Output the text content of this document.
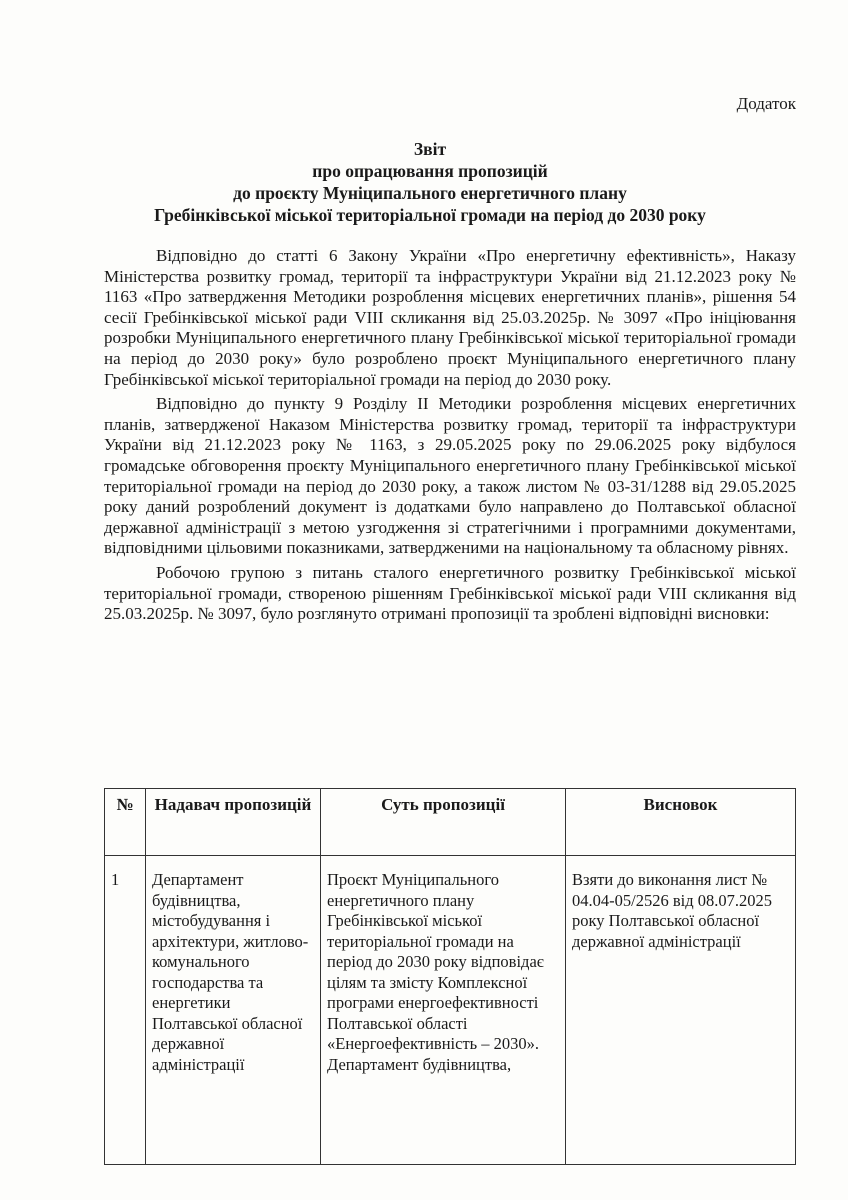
Додаток
Звіт
про опрацювання пропозицій
до проєкту Муніципального енергетичного плану
Гребінківської міської територіальної громади на період до 2030 року

Відповідно до статті 6 Закону України «Про енергетичну ефективність», Наказу Міністерства розвитку громад, території та інфраструктури України від 21.12.2023 року № 1163 «Про затвердження Методики розроблення місцевих енергетичних планів», рішення 54 сесії Гребінківської міської ради VIII скликання від 25.03.2025р. № 3097 «Про ініціювання розробки Муніципального енергетичного плану Гребінківської міської територіальної громади на період до 2030 року» було розроблено проєкт Муніципального енергетичного плану Гребінківської міської територіальної громади на період до 2030 року.

Відповідно до пункту 9 Розділу ІІ Методики розроблення місцевих енергетичних планів, затвердженої Наказом Міністерства розвитку громад, території та інфраструктури України від 21.12.2023 року № 1163, з 29.05.2025 року по 29.06.2025 року відбулося громадське обговорення проєкту Муніципального енергетичного плану Гребінківської міської територіальної громади на період до 2030 року, а також листом № 03-31/1288 від 29.05.2025 року даний розроблений документ із додатками було направлено до Полтавської обласної державної адміністрації з метою узгодження зі стратегічними і програмними документами, відповідними цільовими показниками, затвердженими на національному та обласному рівнях.

Робочою групою з питань сталого енергетичного розвитку Гребінківської міської територіальної громади, створеною рішенням Гребінківської міської ради VIII скликання від 25.03.2025р. № 3097, було розглянуто отримані пропозиції та зроблені відповідні висновки:

№	Надавач пропозицій	Суть пропозиції	Висновок
1	Департамент будівництва, містобудування і архітектури, житлово-комунального господарства та енергетики Полтавської обласної державної адміністрації	Проєкт Муніципального енергетичного плану Гребінківської міської територіальної громади на період до 2030 року відповідає цілям та змісту Комплексної програми енергоефективності Полтавської області «Енергоефективність – 2030». Департамент будівництва,	Взяти до виконання лист № 04.04-05/2526 від 08.07.2025 року Полтавської обласної державної адміністрації
